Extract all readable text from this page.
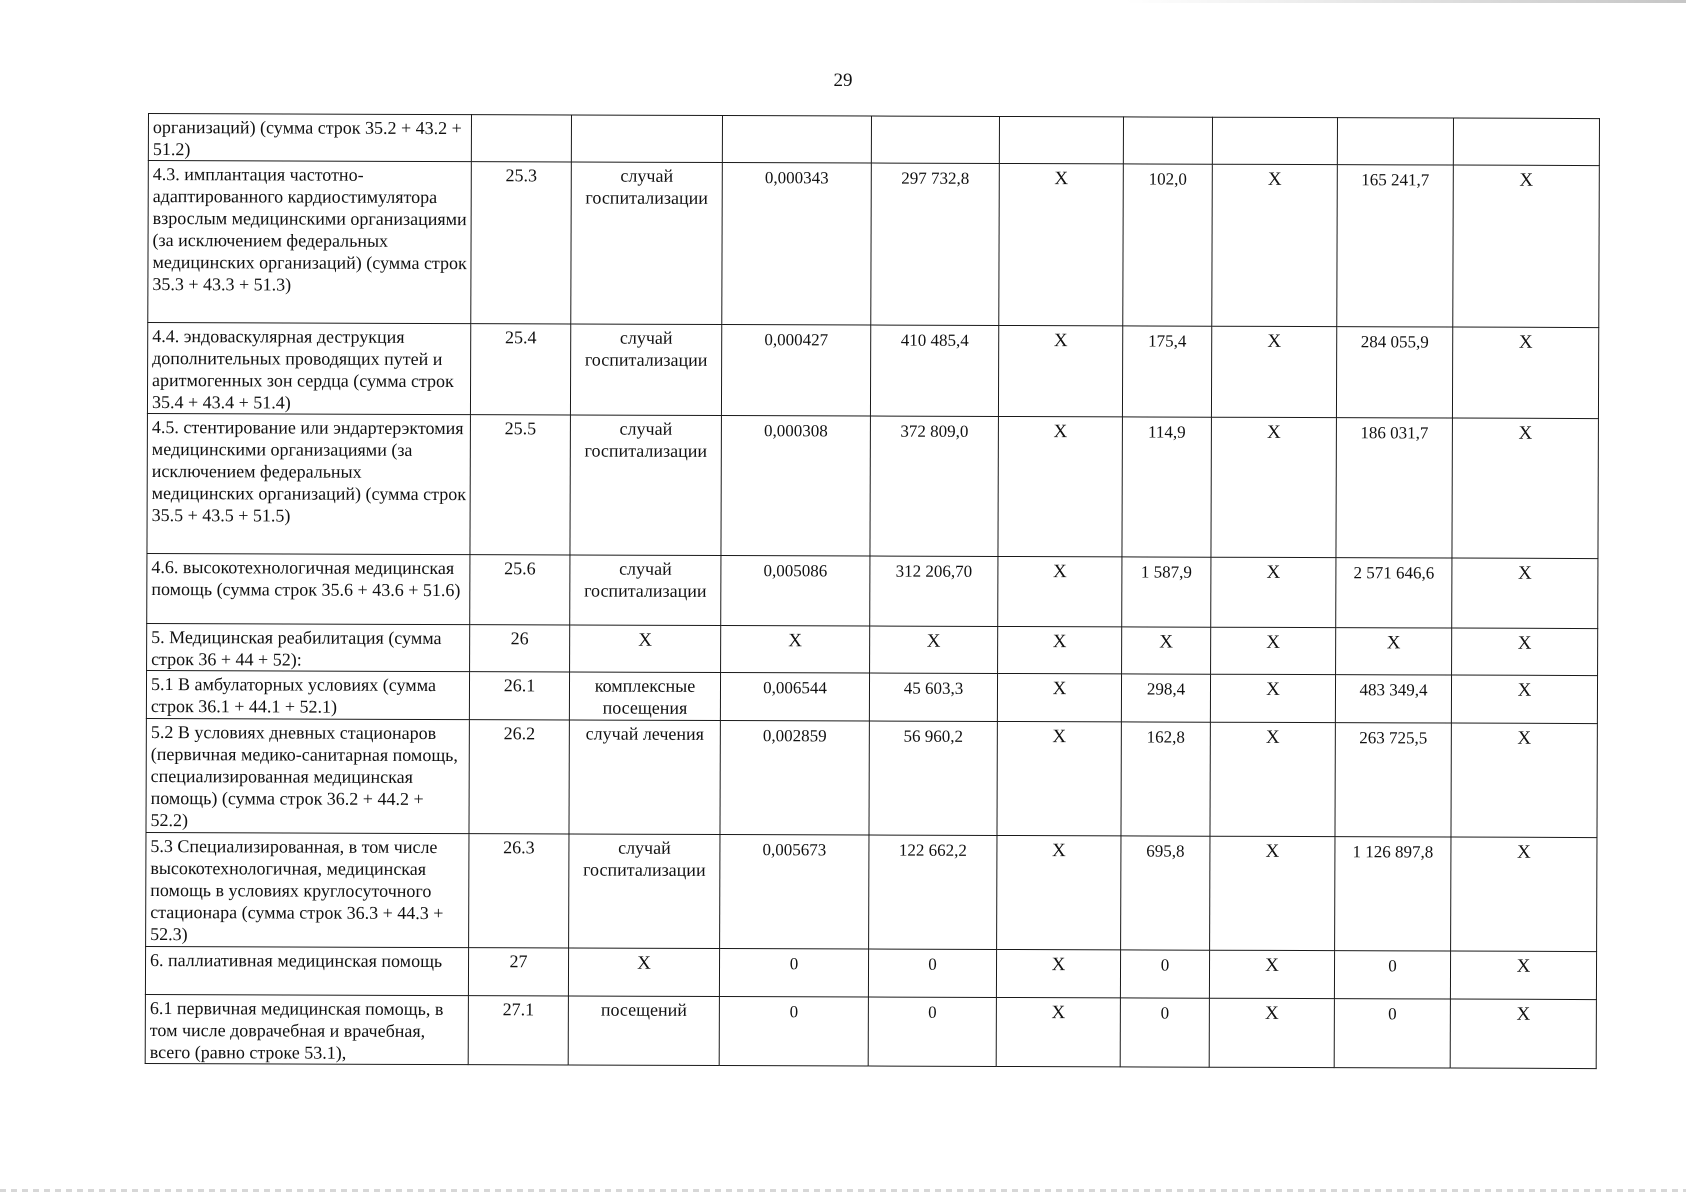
29
организаций) (сумма строк 35.2 + 43.2 + 51.2)									
4.3. имплантация частотно-адаптированного кардиостимулятора взрослым медицинскими организациями (за исключением федеральных медицинских организаций) (сумма строк 35.3 + 43.3 + 51.3)	25.3	случай госпитализации	0,000343	297 732,8	Х	102,0	Х	165 241,7	Х
4.4. эндоваскулярная деструкция дополнительных проводящих путей и аритмогенных зон сердца (сумма строк 35.4 + 43.4 + 51.4)	25.4	случай госпитализации	0,000427	410 485,4	Х	175,4	Х	284 055,9	Х
4.5. стентирование или эндартерэктомия медицинскими организациями (за исключением федеральных медицинских организаций) (сумма строк 35.5 + 43.5 + 51.5)	25.5	случай госпитализации	0,000308	372 809,0	Х	114,9	Х	186 031,7	Х
4.6. высокотехнологичная медицинская помощь (сумма строк 35.6 + 43.6 + 51.6)	25.6	случай госпитализации	0,005086	312 206,70	Х	1 587,9	Х	2 571 646,6	Х
5. Медицинская реабилитация (сумма строк 36 + 44 + 52):	26	Х	Х	Х	Х	Х	Х	Х	Х
5.1 В амбулаторных условиях (сумма строк 36.1 + 44.1 + 52.1)	26.1	комплексные посещения	0,006544	45 603,3	Х	298,4	Х	483 349,4	Х
5.2 В условиях дневных стационаров (первичная медико-санитарная помощь, специализированная медицинская помощь) (сумма строк 36.2 + 44.2 + 52.2)	26.2	случай лечения	0,002859	56 960,2	Х	162,8	Х	263 725,5	Х
5.3 Специализированная, в том числе высокотехнологичная, медицинская помощь в условиях круглосуточного стационара (сумма строк 36.3 + 44.3 + 52.3)	26.3	случай госпитализации	0,005673	122 662,2	Х	695,8	Х	1 126 897,8	Х
6. паллиативная медицинская помощь	27	Х	0	0	Х	0	Х	0	Х
6.1 первичная медицинская помощь, в том числе доврачебная и врачебная, всего (равно строке 53.1),	27.1	посещений	0	0	Х	0	Х	0	Х
